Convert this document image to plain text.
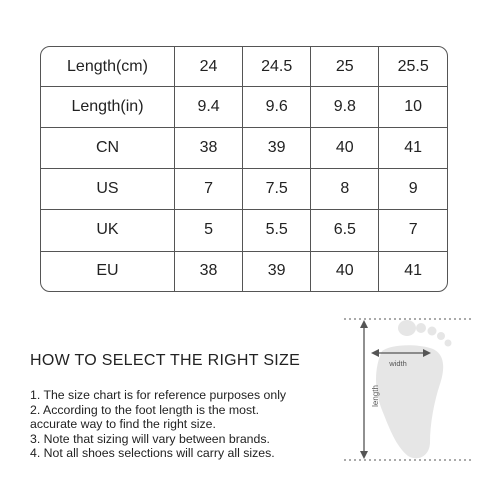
Length(cm)	24	24.5	25	25.5
Length(in)	9.4	9.6	9.8	10
CN	38	39	40	41
US	7	7.5	8	9
UK	5	5.5	6.5	7
EU	38	39	40	41
HOW TO SELECT THE RIGHT SIZE
1. The size chart is for reference purposes only
2. According to the foot length is the most.
accurate way to find the right size.
3. Note that sizing will vary between brands.
4. Not all shoes selections will carry all sizes.
length
width
